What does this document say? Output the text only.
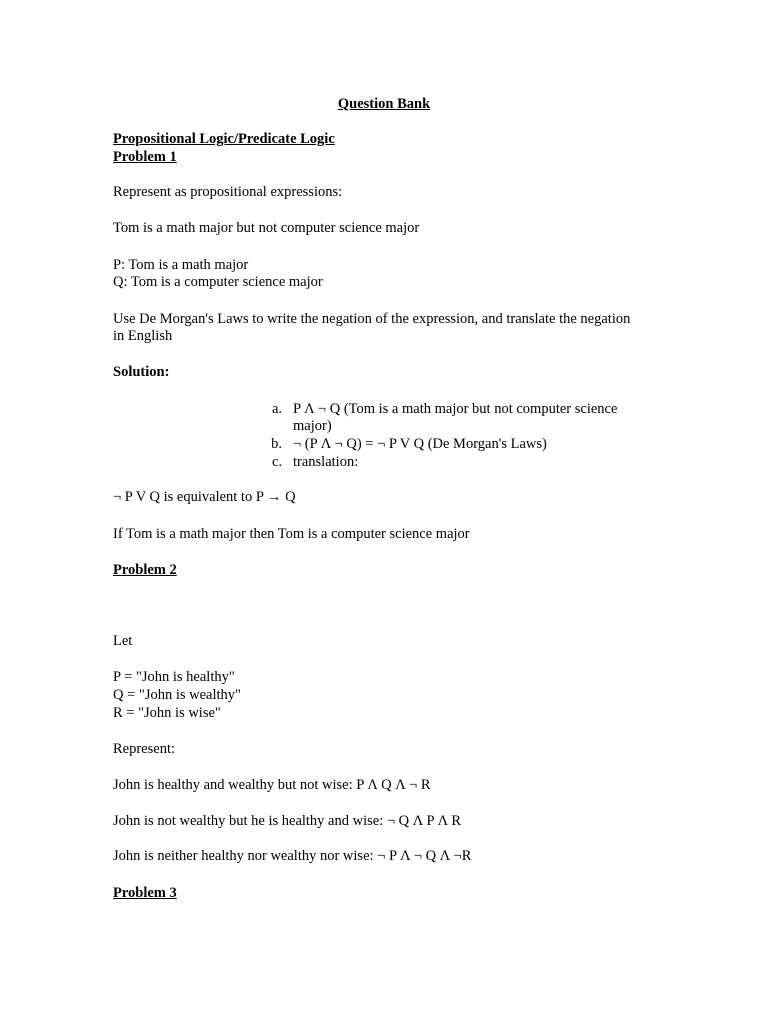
Question Bank
Propositional Logic/Predicate Logic
Problem 1
Represent as propositional expressions:
Tom is a math major but not computer science major
P: Tom is a math major
Q: Tom is a computer science major
Use De Morgan's Laws to write the negation of the expression, and translate the negation
in English
Solution:
a. P Λ ¬ Q (Tom is a math major but not computer science
major)
b. ¬ (P Λ ¬ Q) = ¬ P V Q (De Morgan's Laws)
c. translation:
¬ P V Q is equivalent to P → Q
If Tom is a math major then Tom is a computer science major
Problem 2
Let
P = "John is healthy"
Q = "John is wealthy"
R = "John is wise"
Represent:
John is healthy and wealthy but not wise: P Λ Q Λ ¬ R
John is not wealthy but he is healthy and wise: ¬ Q Λ P Λ R
John is neither healthy nor wealthy nor wise: ¬ P Λ ¬ Q Λ ¬R
Problem 3
